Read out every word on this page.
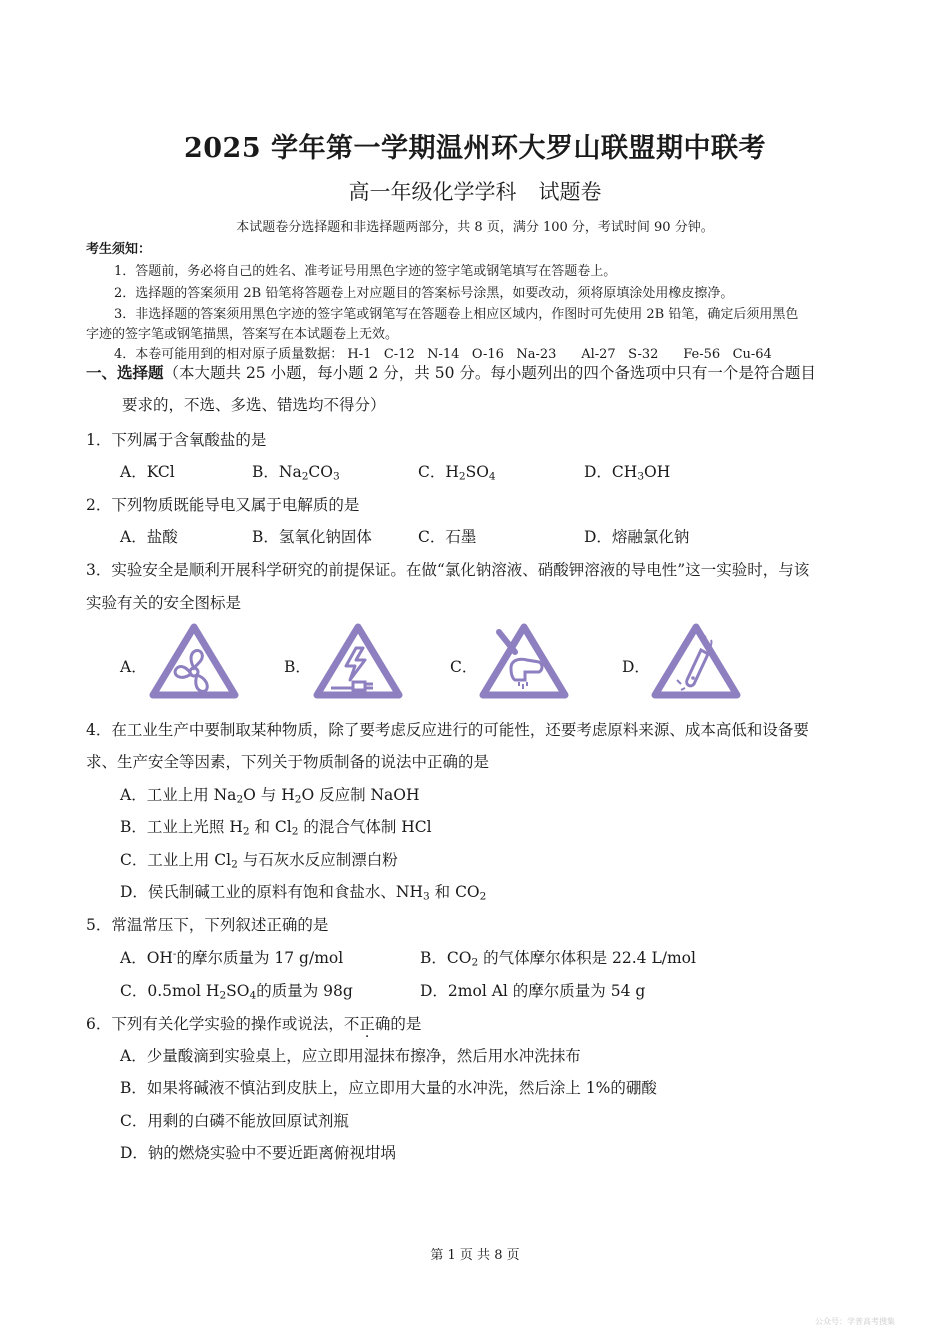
2025 学年第一学期温州环大罗山联盟期中联考
高一年级化学学科 试题卷
本试题卷分选择题和非选择题两部分，共 8 页，满分 100 分，考试时间 90 分钟。
考生须知：
1．答题前，务必将自己的姓名、准考证号用黑色字迹的签字笔或钢笔填写在答题卷上。
2．选择题的答案须用 2B 铅笔将答题卷上对应题目的答案标号涂黑，如要改动，须将原填涂处用橡皮擦净。
3．非选择题的答案须用黑色字迹的签字笔或钢笔写在答题卷上相应区域内，作图时可先使用 2B 铅笔，确定后须用黑色
字迹的签字笔或钢笔描黑，答案写在本试题卷上无效。
4．本卷可能用到的相对原子质量数据： H-1 C-12 N-14 O-16 Na-23 Al-27 S-32 Fe-56 Cu-64
一、选择题（本大题共 25 小题，每小题 2 分，共 50 分。每小题列出的四个备选项中只有一个是符合题目
要求的，不选、多选、错选均不得分）
1．下列属于含氧酸盐的是
A．KCl	B．$Na_2CO_3$	C．$H_2SO_4$	D．$CH_3OH$
2．下列物质既能导电又属于电解质的是
A．盐酸	B．氢氧化钠固体	C．石墨	D．熔融氯化钠
3．实验安全是顺利开展科学研究的前提保证。在做“氯化钠溶液、硝酸钾溶液的导电性”这一实验时，与该
实验有关的安全图标是
A．	B．	C．	D．
4．在工业生产中要制取某种物质，除了要考虑反应进行的可能性，还要考虑原料来源、成本高低和设备要
求、生产安全等因素，下列关于物质制备的说法中正确的是
A．工业上用 $Na_2O$ 与 $H_2O$ 反应制 NaOH
B．工业上光照 $H_2$ 和 $Cl_2$ 的混合气体制 HCl
C．工业上用 $Cl_2$ 与石灰水反应制漂白粉
D．侯氏制碱工业的原料有饱和食盐水、$NH_3$ 和 $CO_2$
5．常温常压下，下列叙述正确的是
A．OH-的摩尔质量为 17 g/mol	B．$CO_2$ 的气体摩尔体积是 22.4 L/mol
C．0.5mol $H_2SO_4$的质量为 98g	D．2mol Al 的摩尔质量为 54 g
6．下列有关化学实验的操作或说法，不正确的是
A．少量酸滴到实验桌上，应立即用湿抹布擦净，然后用水冲洗抹布
B．如果将碱液不慎沾到皮肤上，应立即用大量的水冲洗，然后涂上 1%的硼酸
C．用剩的白磷不能放回原试剂瓶
D．钠的燃烧实验中不要近距离俯视坩埚
第 1 页 共 8 页
公众号：学普高考搜集
